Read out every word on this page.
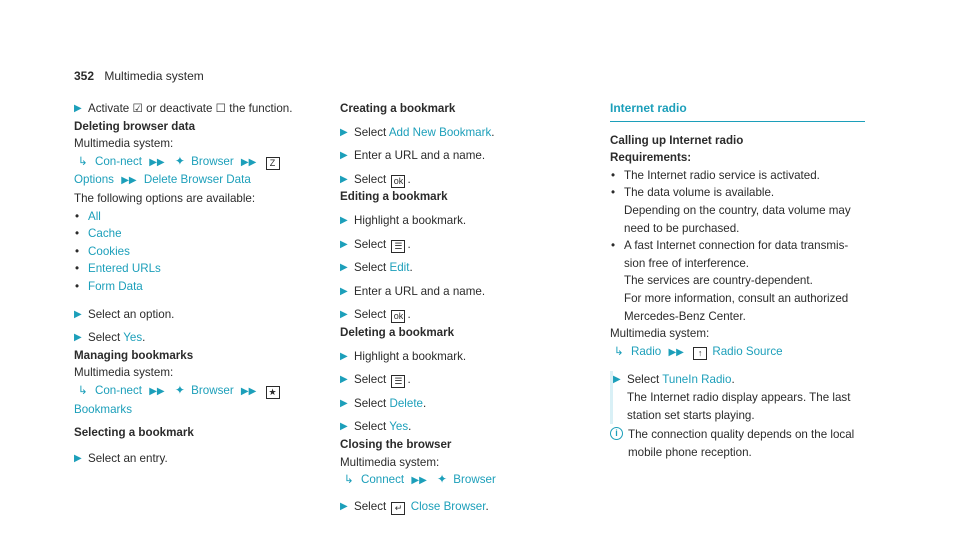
352 Multimedia system
▶ Activate ☑ or deactivate ☐ the function.
Deleting browser data
Multimedia system:
↳ Con-nect ▶▶ ✦ Browser ▶▶ Z Options ▶▶ Delete Browser Data
The following options are available:
• All
• Cache
• Cookies
• Entered URLs
• Form Data
▶ Select an option.
▶ Select Yes.
Managing bookmarks
Multimedia system:
↳ Con-nect ▶▶ ✦ Browser ▶▶ ★ Bookmarks
Selecting a bookmark
▶ Select an entry.
Creating a bookmark
▶ Select Add New Bookmark.
▶ Enter a URL and a name.
▶ Select ok .
Editing a bookmark
▶ Highlight a bookmark.
▶ Select ☰ .
▶ Select Edit.
▶ Enter a URL and a name.
▶ Select ok .
Deleting a bookmark
▶ Highlight a bookmark.
▶ Select ☰ .
▶ Select Delete.
▶ Select Yes.
Closing the browser
Multimedia system:
↳ Connect ▶▶ ✦ Browser
▶ Select ↵ Close Browser.
Internet radio
Calling up Internet radio
Requirements:
• The Internet radio service is activated.
• The data volume is available.
Depending on the country, data volume may need to be purchased.
• A fast Internet connection for data transmis-sion free of interference.
The services are country-dependent.
For more information, consult an authorized Mercedes-Benz Center.
Multimedia system:
↳ Radio ▶▶ ↑ Radio Source
▶ Select TuneIn Radio.
The Internet radio display appears. The last station set starts playing.
i The connection quality depends on the local mobile phone reception.
